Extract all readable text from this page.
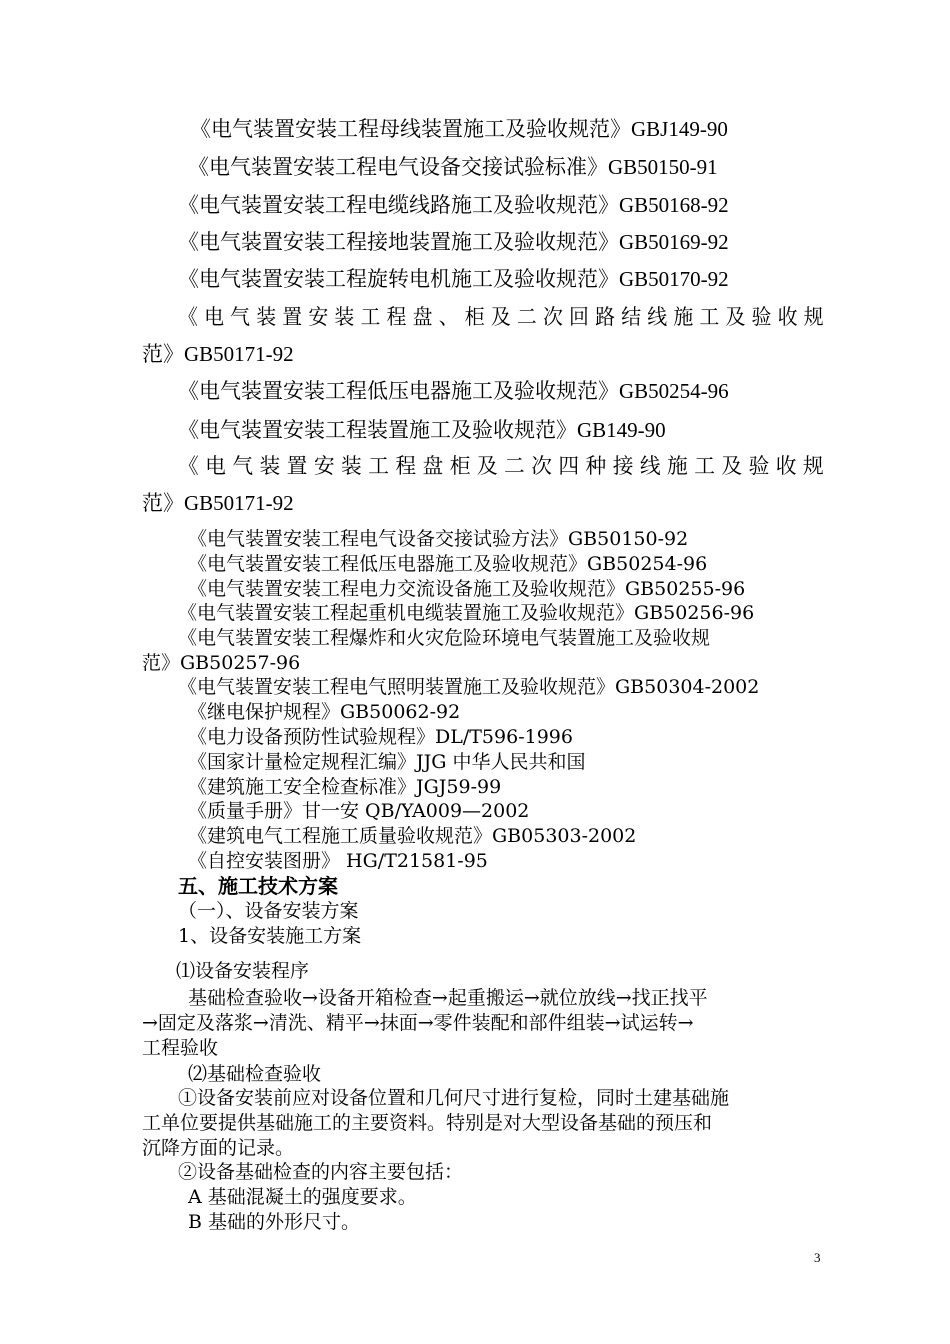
《电气装置安装工程母线装置施工及验收规范》GBJ149-90
《电气装置安装工程电气设备交接试验标准》GB50150-91
《电气装置安装工程电缆线路施工及验收规范》GB50168-92
《电气装置安装工程接地装置施工及验收规范》GB50169-92
《电气装置安装工程旋转电机施工及验收规范》GB50170-92
《电气装置安装工程盘、柜及二次回路结线施工及验收规
范》GB50171-92
《电气装置安装工程低压电器施工及验收规范》GB50254-96
《电气装置安装工程装置施工及验收规范》GB149-90
《电气装置安装工程盘柜及二次四种接线施工及验收规
范》GB50171-92
《电气装置安装工程电气设备交接试验方法》GB50150-92
《电气装置安装工程低压电器施工及验收规范》GB50254-96
《电气装置安装工程电力交流设备施工及验收规范》GB50255-96
《电气装置安装工程起重机电缆装置施工及验收规范》GB50256-96
《电气装置安装工程爆炸和火灾危险环境电气装置施工及验收规
范》GB50257-96
《电气装置安装工程电气照明装置施工及验收规范》GB50304-2002
《继电保护规程》GB50062-92
《电力设备预防性试验规程》DL/T596-1996
《国家计量检定规程汇编》JJG 中华人民共和国
《建筑施工安全检查标准》JGJ59-99
《质量手册》甘一安 QB/YA009—2002
《建筑电气工程施工质量验收规范》GB05303-2002
《自控安装图册》 HG/T21581-95
五、施工技术方案
（一）、设备安装方案
1、设备安装施工方案
⑴设备安装程序
基础检查验收→设备开箱检查→起重搬运→就位放线→找正找平
→固定及落浆→清洗、精平→抹面→零件装配和部件组装→试运转→
工程验收
⑵基础检查验收
①设备安装前应对设备位置和几何尺寸进行复检，同时土建基础施
工单位要提供基础施工的主要资料。特别是对大型设备基础的预压和
沉降方面的记录。
②设备基础检查的内容主要包括：
A 基础混凝土的强度要求。
B 基础的外形尺寸。
3
